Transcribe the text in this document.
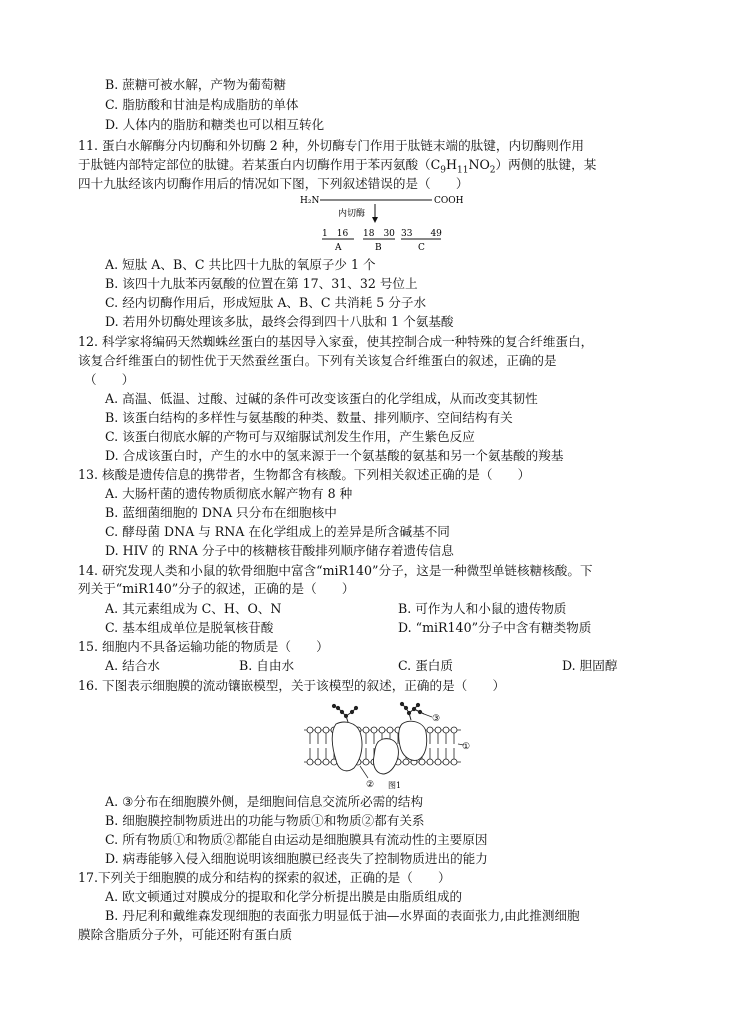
B. 蔗糖可被水解，产物为葡萄糖
C. 脂肪酸和甘油是构成脂肪的单体
D. 人体内的脂肪和糖类也可以相互转化
11. 蛋白水解酶分内切酶和外切酶 2 种，外切酶专门作用于肽链末端的肽键，内切酶则作用
于肽链内部特定部位的肽键。若某蛋白内切酶作用于苯丙氨酸$(C_9H_{11}NO_2)$两侧的肽键，某
四十九肽经该内切酶作用后的情况如下图，下列叙述错误的是（　　）
H₂N	COOH
内切酶
1　16 18　30 33　　49
A	B	C
A. 短肽 A、B、C 共比四十九肽的氧原子少 1 个
B. 该四十九肽苯丙氨酸的位置在第 17、31、32 号位上
C. 经内切酶作用后，形成短肽 A、B、C 共消耗 5 分子水
D. 若用外切酶处理该多肽，最终会得到四十八肽和 1 个氨基酸
12. 科学家将编码天然蜘蛛丝蛋白的基因导入家蚕，使其控制合成一种特殊的复合纤维蛋白，
该复合纤维蛋白的韧性优于天然蚕丝蛋白。下列有关该复合纤维蛋白的叙述，正确的是
（　　）
A. 高温、低温、过酸、过碱的条件可改变该蛋白的化学组成，从而改变其韧性
B. 该蛋白结构的多样性与氨基酸的种类、数量、排列顺序、空间结构有关
C. 该蛋白彻底水解的产物可与双缩脲试剂发生作用，产生紫色反应
D. 合成该蛋白时，产生的水中的氢来源于一个氨基酸的氨基和另一个氨基酸的羧基
13. 核酸是遗传信息的携带者，生物都含有核酸。下列相关叙述正确的是（　　）
A. 大肠杆菌的遗传物质彻底水解产物有 8 种
B. 蓝细菌细胞的 DNA 只分布在细胞核中
C. 酵母菌 DNA 与 RNA 在化学组成上的差异是所含碱基不同
D. HIV 的 RNA 分子中的核糖核苷酸排列顺序储存着遗传信息
14. 研究发现人类和小鼠的软骨细胞中富含“miR140”分子，这是一种微型单链核糖核酸。下
列关于“miR140”分子的叙述，正确的是（　　）
A. 其元素组成为 C、H、O、N	B. 可作为人和小鼠的遗传物质
C. 基本组成单位是脱氧核苷酸	D. “miR140”分子中含有糖类物质
15. 细胞内不具备运输功能的物质是（　　）
A. 结合水	B. 自由水	C. 蛋白质	D. 胆固醇
16. 下图表示细胞膜的流动镶嵌模型，关于该模型的叙述，正确的是（　　）
③
①
② 图1
A. ③分布在细胞膜外侧，是细胞间信息交流所必需的结构
B. 细胞膜控制物质进出的功能与物质①和物质②都有关系
C. 所有物质①和物质②都能自由运动是细胞膜具有流动性的主要原因
D. 病毒能够入侵入细胞说明该细胞膜已经丧失了控制物质进出的能力
17.下列关于细胞膜的成分和结构的探索的叙述，正确的是（　　）
A. 欧文顿通过对膜成分的提取和化学分析提出膜是由脂质组成的
B. 丹尼利和戴维森发现细胞的表面张力明显低于油—水界面的表面张力,由此推测细胞
膜除含脂质分子外，可能还附有蛋白质
